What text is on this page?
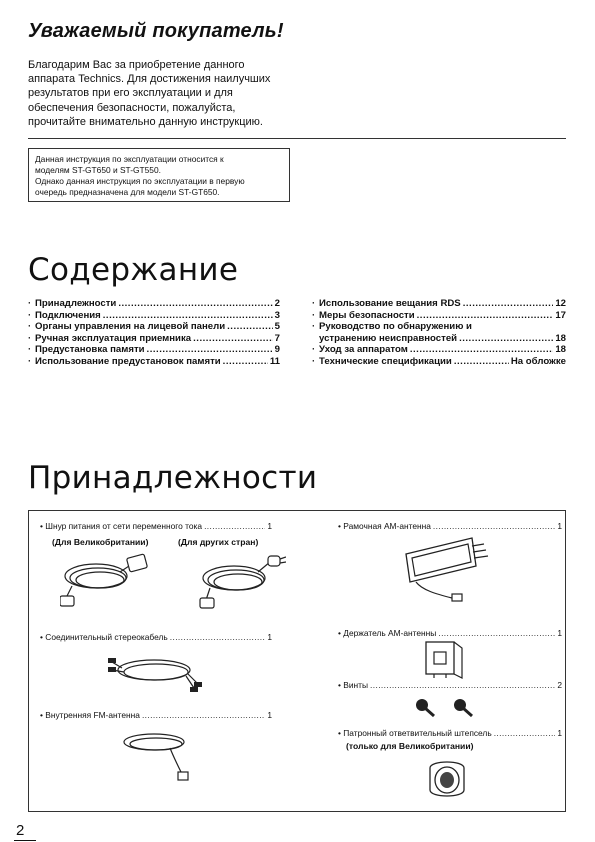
Уважаемый покупатель!
Благодарим Вас за приобретение данного
аппарата Technics. Для достижения наилучших
результатов при его эксплуатации и для
обеспечения безопасности, пожалуйста,
прочитайте внимательно данную инструкцию.
Данная инструкция по эксплуатации относится к
моделям ST-GT650 и ST-GT550.
Однако данная инструкция по эксплуатации в первую
очередь предназначена для модели ST-GT650.
Содержание
· Принадлежности .....	2
· Подключения .....	3
· Органы управления на лицевой панели .....	5
· Ручная эксплуатация приемника .....	7
· Предустановка памяти .....	9
· Использование предустановок памяти .....	11
· Использование вещания RDS .....	12
· Меры безопасности .....	17
· Руководство по обнаружению и
устранению неисправностей .....	18
· Уход за аппаратом .....	18
· Технические спецификации .....	На обложке
Принадлежности
• Шнур питания от сети переменного тока .....	1
(Для Великобритании)	(Для других стран)
• Соединительный стереокабель .....	1
• Внутренняя FM-антенна .....	1
• Рамочная АМ-антенна .....	1
• Держатель АМ-антенны .....	1
• Винты .....	2
• Патронный ответвительный штепсель .....	1
(только для Великобритании)
2
